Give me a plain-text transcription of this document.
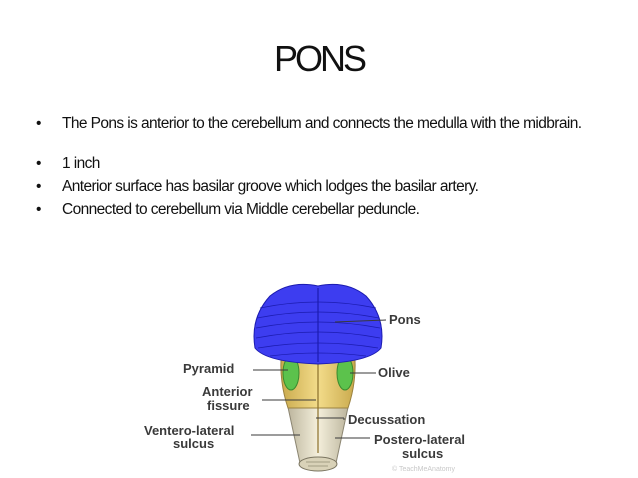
PONS
• The Pons is anterior to the cerebellum and connects the medulla with the midbrain.
• 1 inch
• Anterior surface has basilar groove which lodges the basilar artery.
• Connected to cerebellum via Middle cerebellar peduncle.
Pons
Pyramid	Olive
Anterior
fissure
Decussation
Ventero-lateral
sulcus	Postero-lateral
sulcus
© TeachMeAnatomy
